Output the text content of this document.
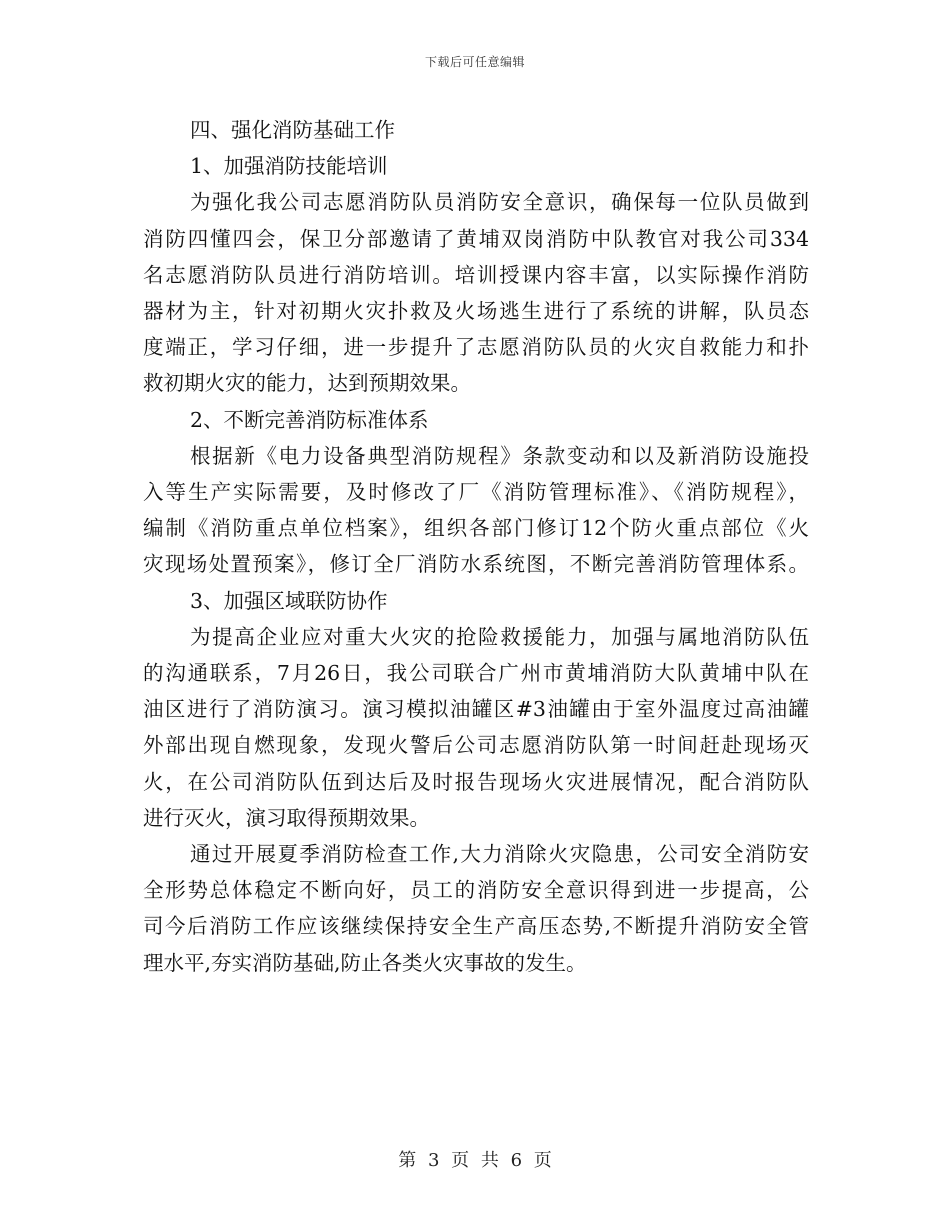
下载后可任意编辑
四、强化消防基础工作
1、加强消防技能培训
为强化我公司志愿消防队员消防安全意识，确保每一位队员做到
消防四懂四会，保卫分部邀请了黄埔双岗消防中队教官对我公司334
名志愿消防队员进行消防培训。培训授课内容丰富，以实际操作消防
器材为主，针对初期火灾扑救及火场逃生进行了系统的讲解，队员态
度端正，学习仔细，进一步提升了志愿消防队员的火灾自救能力和扑
救初期火灾的能力，达到预期效果。
2、不断完善消防标准体系
根据新《电力设备典型消防规程》条款变动和以及新消防设施投
入等生产实际需要，及时修改了厂《消防管理标准》、《消防规程》，
编制《消防重点单位档案》，组织各部门修订12个防火重点部位《火
灾现场处置预案》，修订全厂消防水系统图，不断完善消防管理体系。
3、加强区域联防协作
为提高企业应对重大火灾的抢险救援能力，加强与属地消防队伍
的沟通联系，7月26日，我公司联合广州市黄埔消防大队黄埔中队在
油区进行了消防演习。演习模拟油罐区#3油罐由于室外温度过高油罐
外部出现自燃现象，发现火警后公司志愿消防队第一时间赶赴现场灭
火，在公司消防队伍到达后及时报告现场火灾进展情况，配合消防队
进行灭火，演习取得预期效果。
通过开展夏季消防检查工作,大力消除火灾隐患，公司安全消防安
全形势总体稳定不断向好，员工的消防安全意识得到进一步提高，公
司今后消防工作应该继续保持安全生产高压态势,不断提升消防安全管
理水平,夯实消防基础,防止各类火灾事故的发生。
第 3 页 共 6 页
